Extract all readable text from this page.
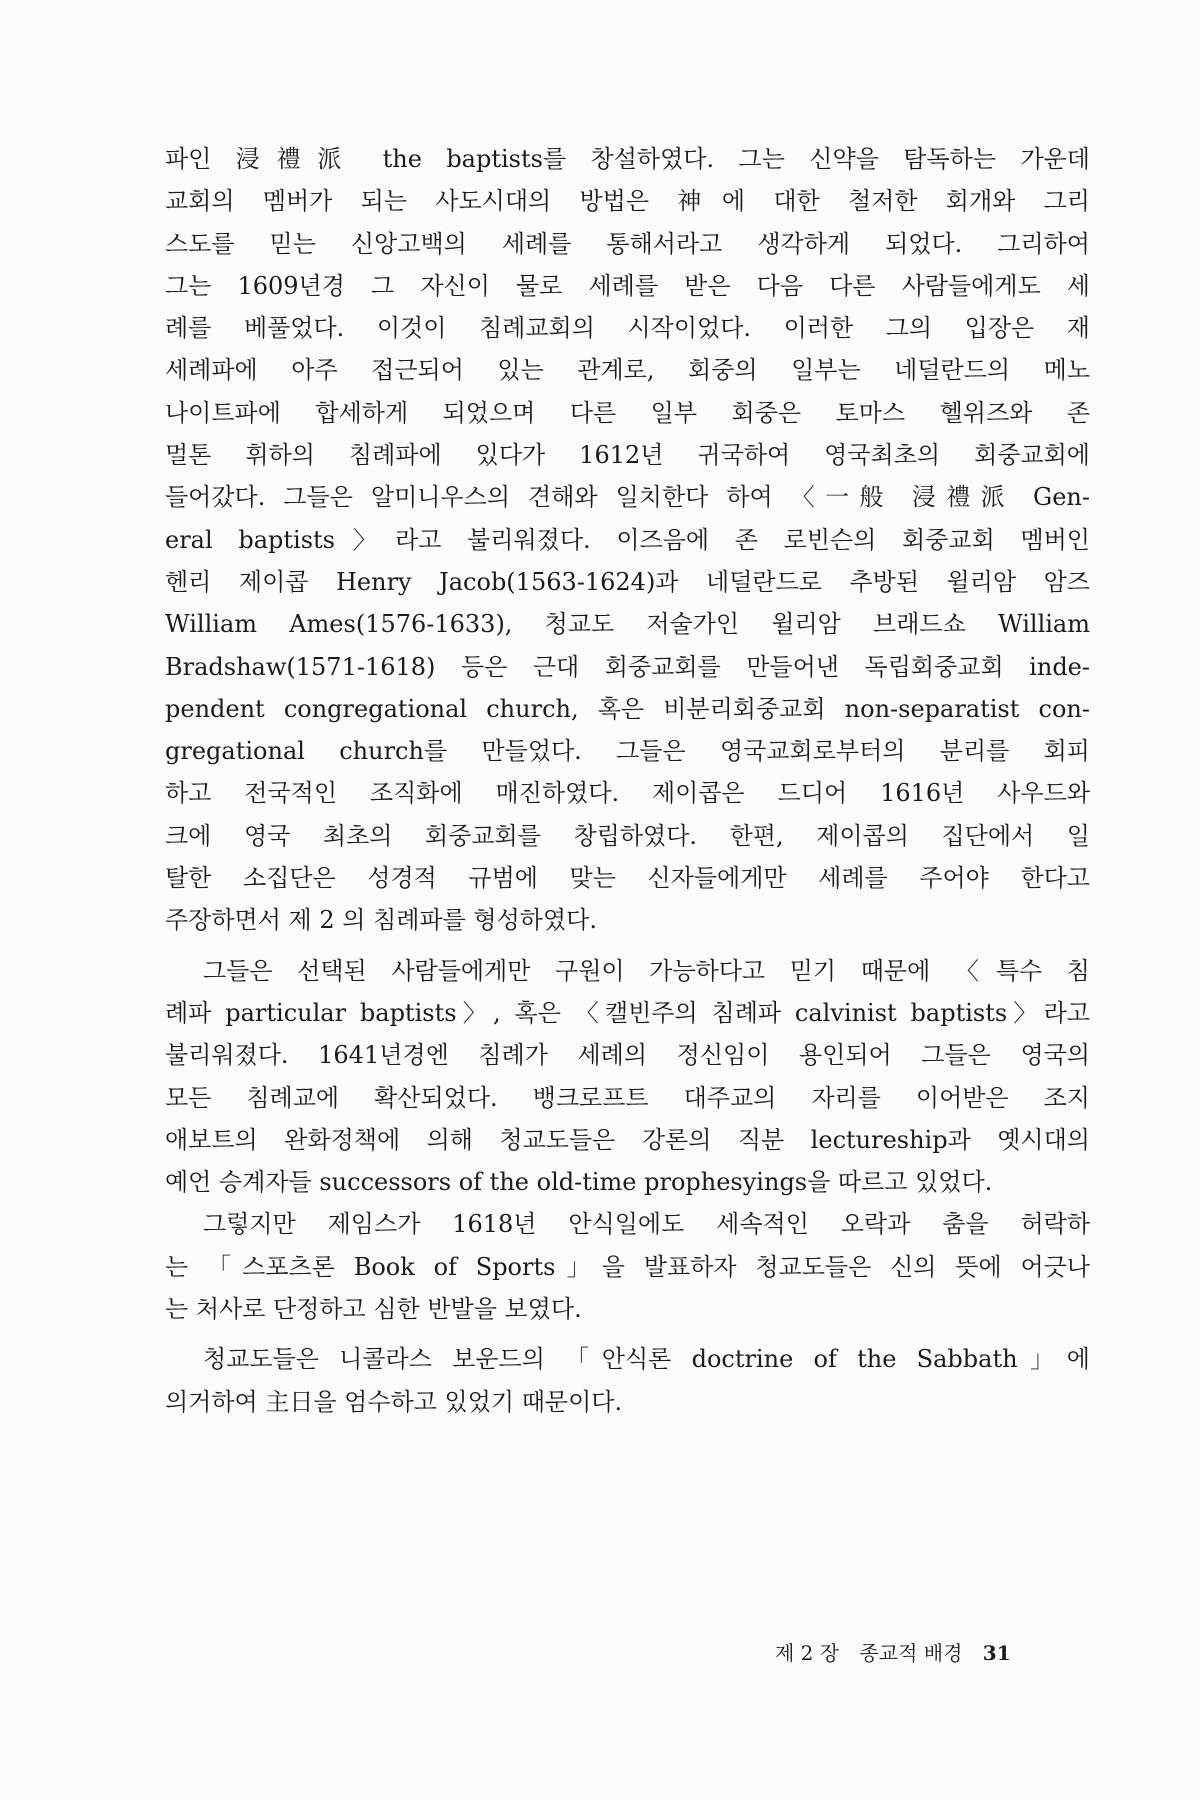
파인 浸禮派 the baptists를 창설하였다. 그는 신약을 탐독하는 가운데
교회의 멤버가 되는 사도시대의 방법은 神에 대한 철저한 회개와 그리
스도를 믿는 신앙고백의 세례를 통해서라고 생각하게 되었다. 그리하여
그는 1609년경 그 자신이 물로 세례를 받은 다음 다른 사람들에게도 세
례를 베풀었다. 이것이 침례교회의 시작이었다. 이러한 그의 입장은 재
세례파에 아주 접근되어 있는 관계로, 회중의 일부는 네덜란드의 메노
나이트파에 합세하게 되었으며 다른 일부 회중은 토마스 헬위즈와 존
멀톤 휘하의 침례파에 있다가 1612년 귀국하여 영국최초의 회중교회에
들어갔다. 그들은 알미니우스의 견해와 일치한다 하여 〈一般 浸禮派 Gen-
eral baptists〉라고 불리워졌다. 이즈음에 존 로빈슨의 회중교회 멤버인
헨리 제이콥 Henry Jacob(1563-1624)과 네덜란드로 추방된 윌리암 암즈
William Ames(1576-1633), 청교도 저술가인 윌리암 브래드쇼 William
Bradshaw(1571-1618) 등은 근대 회중교회를 만들어낸 독립회중교회 inde-
pendent congregational church, 혹은 비분리회중교회 non-separatist con-
gregational church를 만들었다. 그들은 영국교회로부터의 분리를 회피
하고 전국적인 조직화에 매진하였다. 제이콥은 드디어 1616년 사우드와
크에 영국 최초의 회중교회를 창립하였다. 한편, 제이콥의 집단에서 일
탈한 소집단은 성경적 규범에 맞는 신자들에게만 세례를 주어야 한다고
주장하면서 제 2 의 침례파를 형성하였다.
그들은 선택된 사람들에게만 구원이 가능하다고 믿기 때문에 〈특수 침
례파 particular baptists〉, 혹은 〈캘빈주의 침례파 calvinist baptists〉라고
불리워졌다. 1641년경엔 침례가 세례의 정신임이 용인되어 그들은 영국의
모든 침례교에 확산되었다. 뱅크로프트 대주교의 자리를 이어받은 조지
애보트의 완화정책에 의해 청교도들은 강론의 직분 lectureship과 옛시대의
예언 승계자들 successors of the old-time prophesyings을 따르고 있었다.
그렇지만 제임스가 1618년 안식일에도 세속적인 오락과 춤을 허락하
는 「스포츠론 Book of Sports」을 발표하자 청교도들은 신의 뜻에 어긋나
는 처사로 단정하고 심한 반발을 보였다.
청교도들은 니콜라스 보운드의 「안식론 doctrine of the Sabbath」에
의거하여 主日을 엄수하고 있었기 때문이다.
제 2 장 종교적 배경 31
